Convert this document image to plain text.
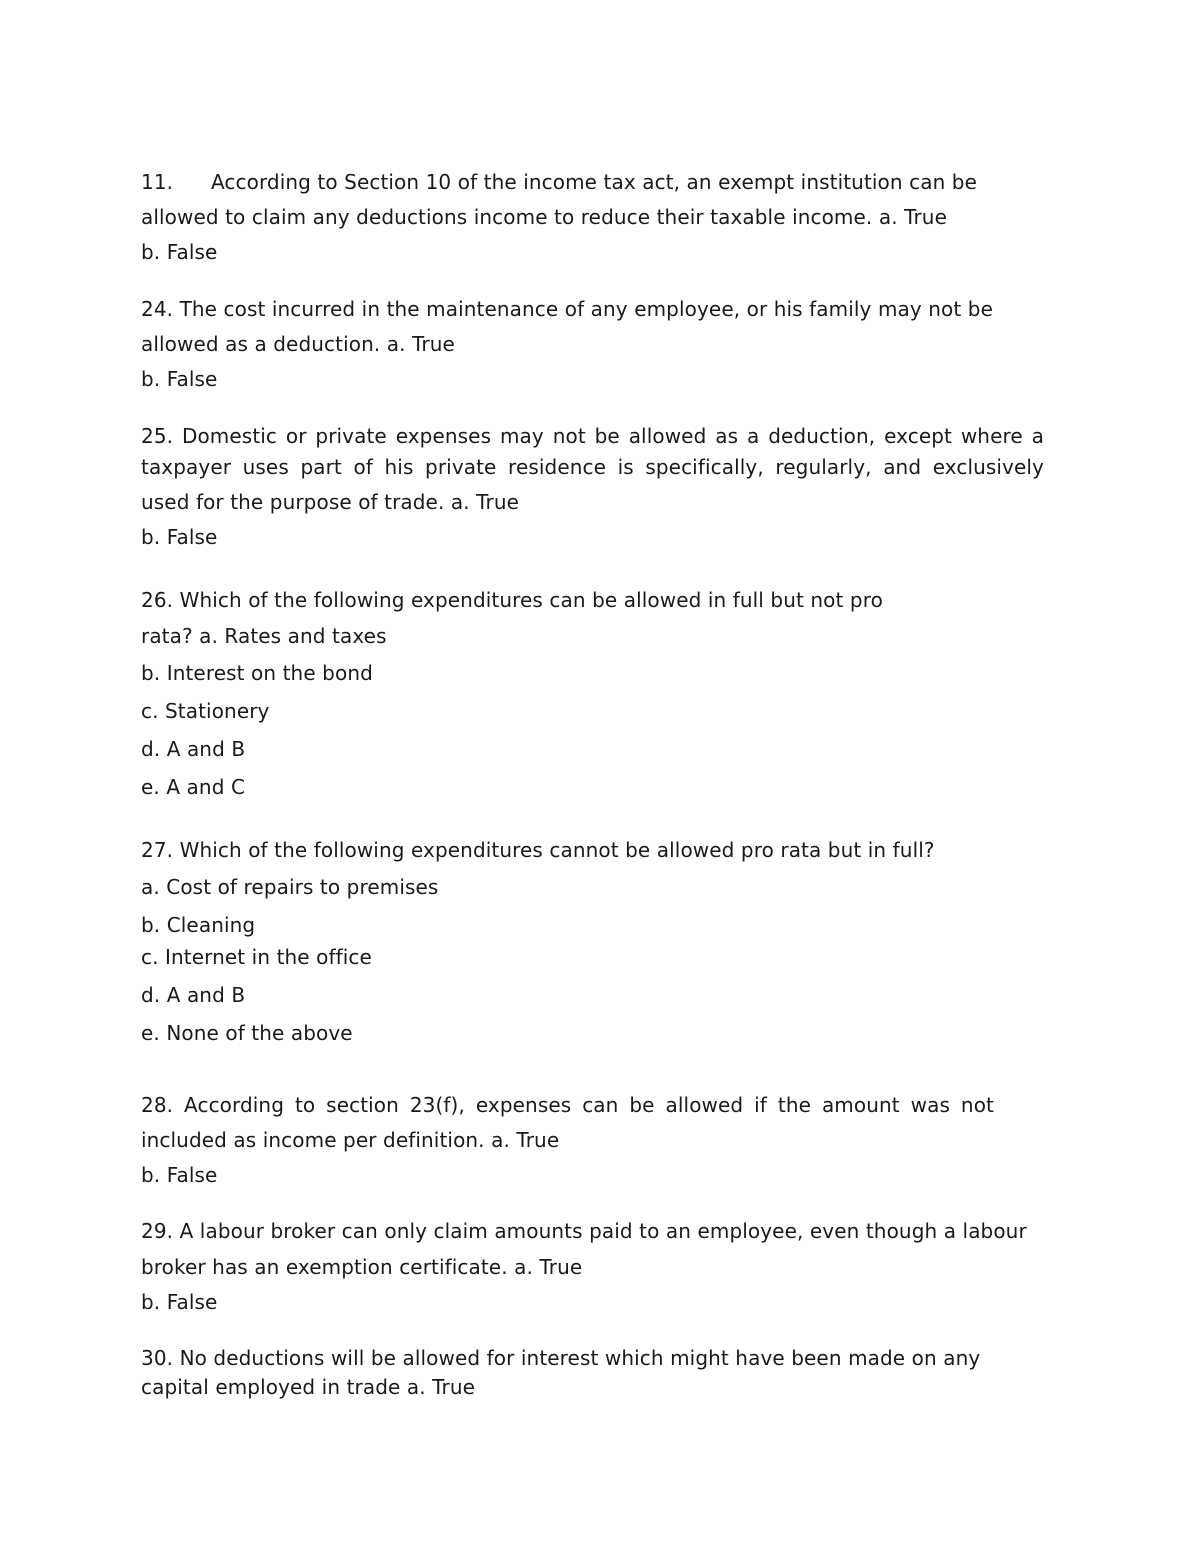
11. According to Section 10 of the income tax act, an exempt institution can be
allowed to claim any deductions income to reduce their taxable income. a. True
b. False
24. The cost incurred in the maintenance of any employee, or his family may not be
allowed as a deduction. a. True
b. False
25. Domestic or private expenses may not be allowed as a deduction, except where a
taxpayer uses part of his private residence is specifically, regularly, and exclusively
used for the purpose of trade. a. True
b. False
26. Which of the following expenditures can be allowed in full but not pro
rata? a. Rates and taxes
b. Interest on the bond
c. Stationery
d. A and B
e. A and C
27. Which of the following expenditures cannot be allowed pro rata but in full?
a. Cost of repairs to premises
b. Cleaning
c. Internet in the office
d. A and B
e. None of the above
28. According to section 23(f), expenses can be allowed if the amount was not
included as income per definition. a. True
b. False
29. A labour broker can only claim amounts paid to an employee, even though a labour
broker has an exemption certificate. a. True
b. False
30. No deductions will be allowed for interest which might have been made on any
capital employed in trade a. True
